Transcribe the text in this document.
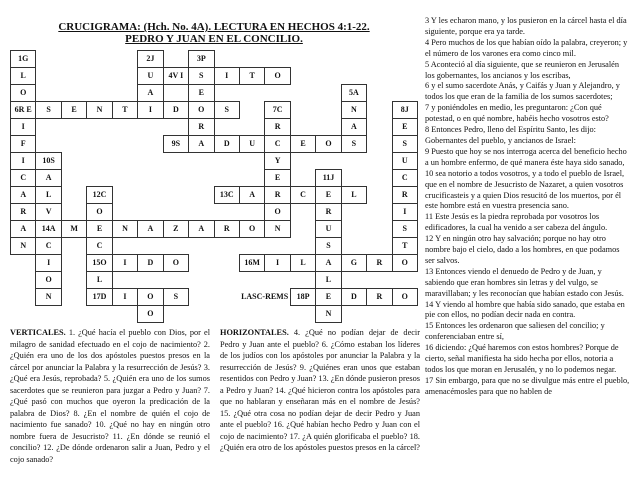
CRUCIGRAMA: (Hch. No. 4A). LECTURA EN HECHOS 4:1-22.
PEDRO Y JUAN EN EL CONCILIO.
1G					2J		3P								
L					U	4V I	S	I	T	O					
O					A		E						5A		
6R E	S	E	N	T	I	D	O	S		7C			N		8J
I							R			R			A		E
F						9S	A	D	U	C	E	O	S		S
I	10S									Y					U
C	A									E		11J			C
A	L		12C					13C	A	R	C	E	L		R
R	V		O							O		R			I
A	14A	M	E	N	A	Z	A	R	O	N		U			S
N	C		C									S			T
	I		15O	I	D	O			16M	I	L	A	G	R	O
	O		L									L			
	N		17D	I	O	S			LASC-REMS		18P	E	D	R	O
					O							N			
VERTICALES. 1. ¿Qué hacía el pueblo con Dios, por el milagro de sanidad efectuado en el cojo de nacimiento? 2. ¿Quién era uno de los dos apóstoles puestos presos en la cárcel por anunciar la Palabra y la resurrección de Jesús? 3. ¿Qué era Jesús, reprobada? 5. ¿Quién era uno de los sumos sacerdotes que se reunieron para juzgar a Pedro y Juan? 7. ¿Qué pasó con muchos que oyeron la predicación de la palabra de Dios? 8. ¿En el nombre de quién el cojo de nacimiento fue sanado? 10. ¿Qué no hay en ningún otro nombre fuera de Jesucristo? 11. ¿En dónde se reunió el concilio? 12. ¿De dónde ordenaron salir a Juan, Pedro y el cojo sanado?
HORIZONTALES. 4. ¿Qué no podían dejar de decir Pedro y Juan ante el pueblo? 6. ¿Cómo estaban los líderes de los judíos con los apóstoles por anunciar la Palabra y la resurrección de Jesús? 9. ¿Quiénes eran unos que estaban resentidos con Pedro y Juan? 13. ¿En dónde pusieron presos a Pedro y Juan? 14. ¿Qué hicieron contra los apóstoles para que no hablaran y enseñaran más en el nombre de Jesús? 15. ¿Qué otra cosa no podían dejar de decir Pedro y Juan ante el pueblo? 16. ¿Qué habían hecho Pedro y Juan con el cojo de nacimiento? 17. ¿A quién glorificaba el pueblo? 18. ¿Quién era otro de los apóstoles puestos presos en la cárcel?

3 Y les echaron mano, y los pusieron en la cárcel hasta el día siguiente, porque era ya tarde.

4 Pero muchos de los que habían oído la palabra, creyeron; y el número de los varones era como cinco mil.

5 Aconteció al día siguiente, que se reunieron en Jerusalén los gobernantes, los ancianos y los escribas,

6 y el sumo sacerdote Anás, y Caifás y Juan y Alejandro, y todos los que eran de la familia de los sumos sacerdotes;

7 y poniéndoles en medio, les preguntaron: ¿Con qué potestad, o en qué nombre, habéis hecho vosotros esto?

8 Entonces Pedro, lleno del Espíritu Santo, les dijo: Gobernantes del pueblo, y ancianos de Israel:

9 Puesto que hoy se nos interroga acerca del beneficio hecho a un hombre enfermo, de qué manera éste haya sido sanado,

10 sea notorio a todos vosotros, y a todo el pueblo de Israel, que en el nombre de Jesucristo de Nazaret, a quien vosotros crucificasteis y a quien Dios resucitó de los muertos, por él este hombre está en vuestra presencia sano.

11 Este Jesús es la piedra reprobada por vosotros los edificadores, la cual ha venido a ser cabeza del ángulo.

12 Y en ningún otro hay salvación; porque no hay otro nombre bajo el cielo, dado a los hombres, en que podamos ser salvos.

13 Entonces viendo el denuedo de Pedro y de Juan, y sabiendo que eran hombres sin letras y del vulgo, se maravillaban; y les reconocían que habían estado con Jesús.

14 Y viendo al hombre que había sido sanado, que estaba en pie con ellos, no podían decir nada en contra.

15 Entonces les ordenaron que saliesen del concilio; y conferenciaban entre sí,

16 diciendo: ¿Qué haremos con estos hombres? Porque de cierto, señal manifiesta ha sido hecha por ellos, notoria a todos los que moran en Jerusalén, y no lo podemos negar.

17 Sin embargo, para que no se divulgue más entre el pueblo, amenacémosles para que no hablen de
